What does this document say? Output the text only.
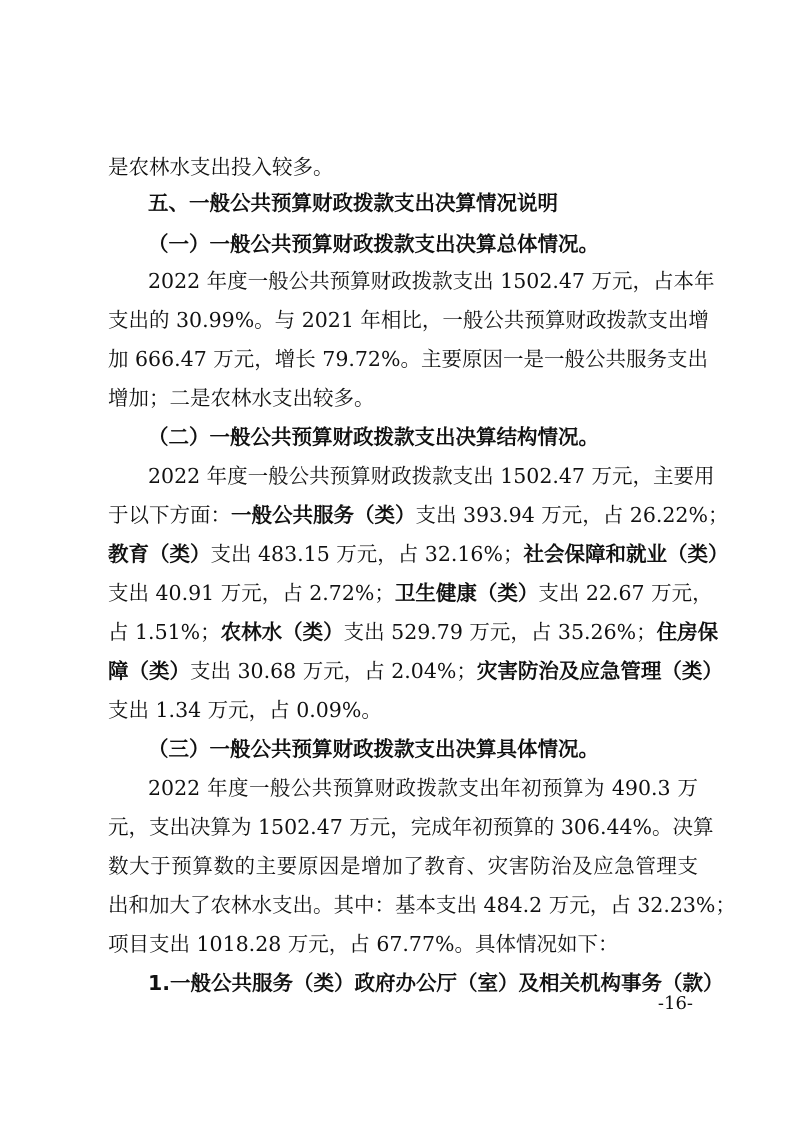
是农林水支出投入较多。
五、一般公共预算财政拨款支出决算情况说明
（一）一般公共预算财政拨款支出决算总体情况。
2022 年度一般公共预算财政拨款支出 1502.47 万元，占本年
支出的 30.99%。与 2021 年相比，一般公共预算财政拨款支出增
加 666.47 万元，增长 79.72%。主要原因一是一般公共服务支出
增加；二是农林水支出较多。
（二）一般公共预算财政拨款支出决算结构情况。
2022 年度一般公共预算财政拨款支出 1502.47 万元，主要用
于以下方面：一般公共服务（类）支出 393.94 万元，占 26.22%；
教育（类）支出 483.15 万元，占 32.16%；社会保障和就业（类）
支出 40.91 万元，占 2.72%；卫生健康（类）支出 22.67 万元，
占 1.51%；农林水（类）支出 529.79 万元，占 35.26%；住房保
障（类）支出 30.68 万元，占 2.04%；灾害防治及应急管理（类）
支出 1.34 万元，占 0.09%。
（三）一般公共预算财政拨款支出决算具体情况。
2022 年度一般公共预算财政拨款支出年初预算为 490.3 万
元，支出决算为 1502.47 万元，完成年初预算的 306.44%。决算
数大于预算数的主要原因是增加了教育、灾害防治及应急管理支
出和加大了农林水支出。其中：基本支出 484.2 万元，占 32.23%；
项目支出 1018.28 万元，占 67.77%。具体情况如下：
1.一般公共服务（类）政府办公厅（室）及相关机构事务（款）
-16-
